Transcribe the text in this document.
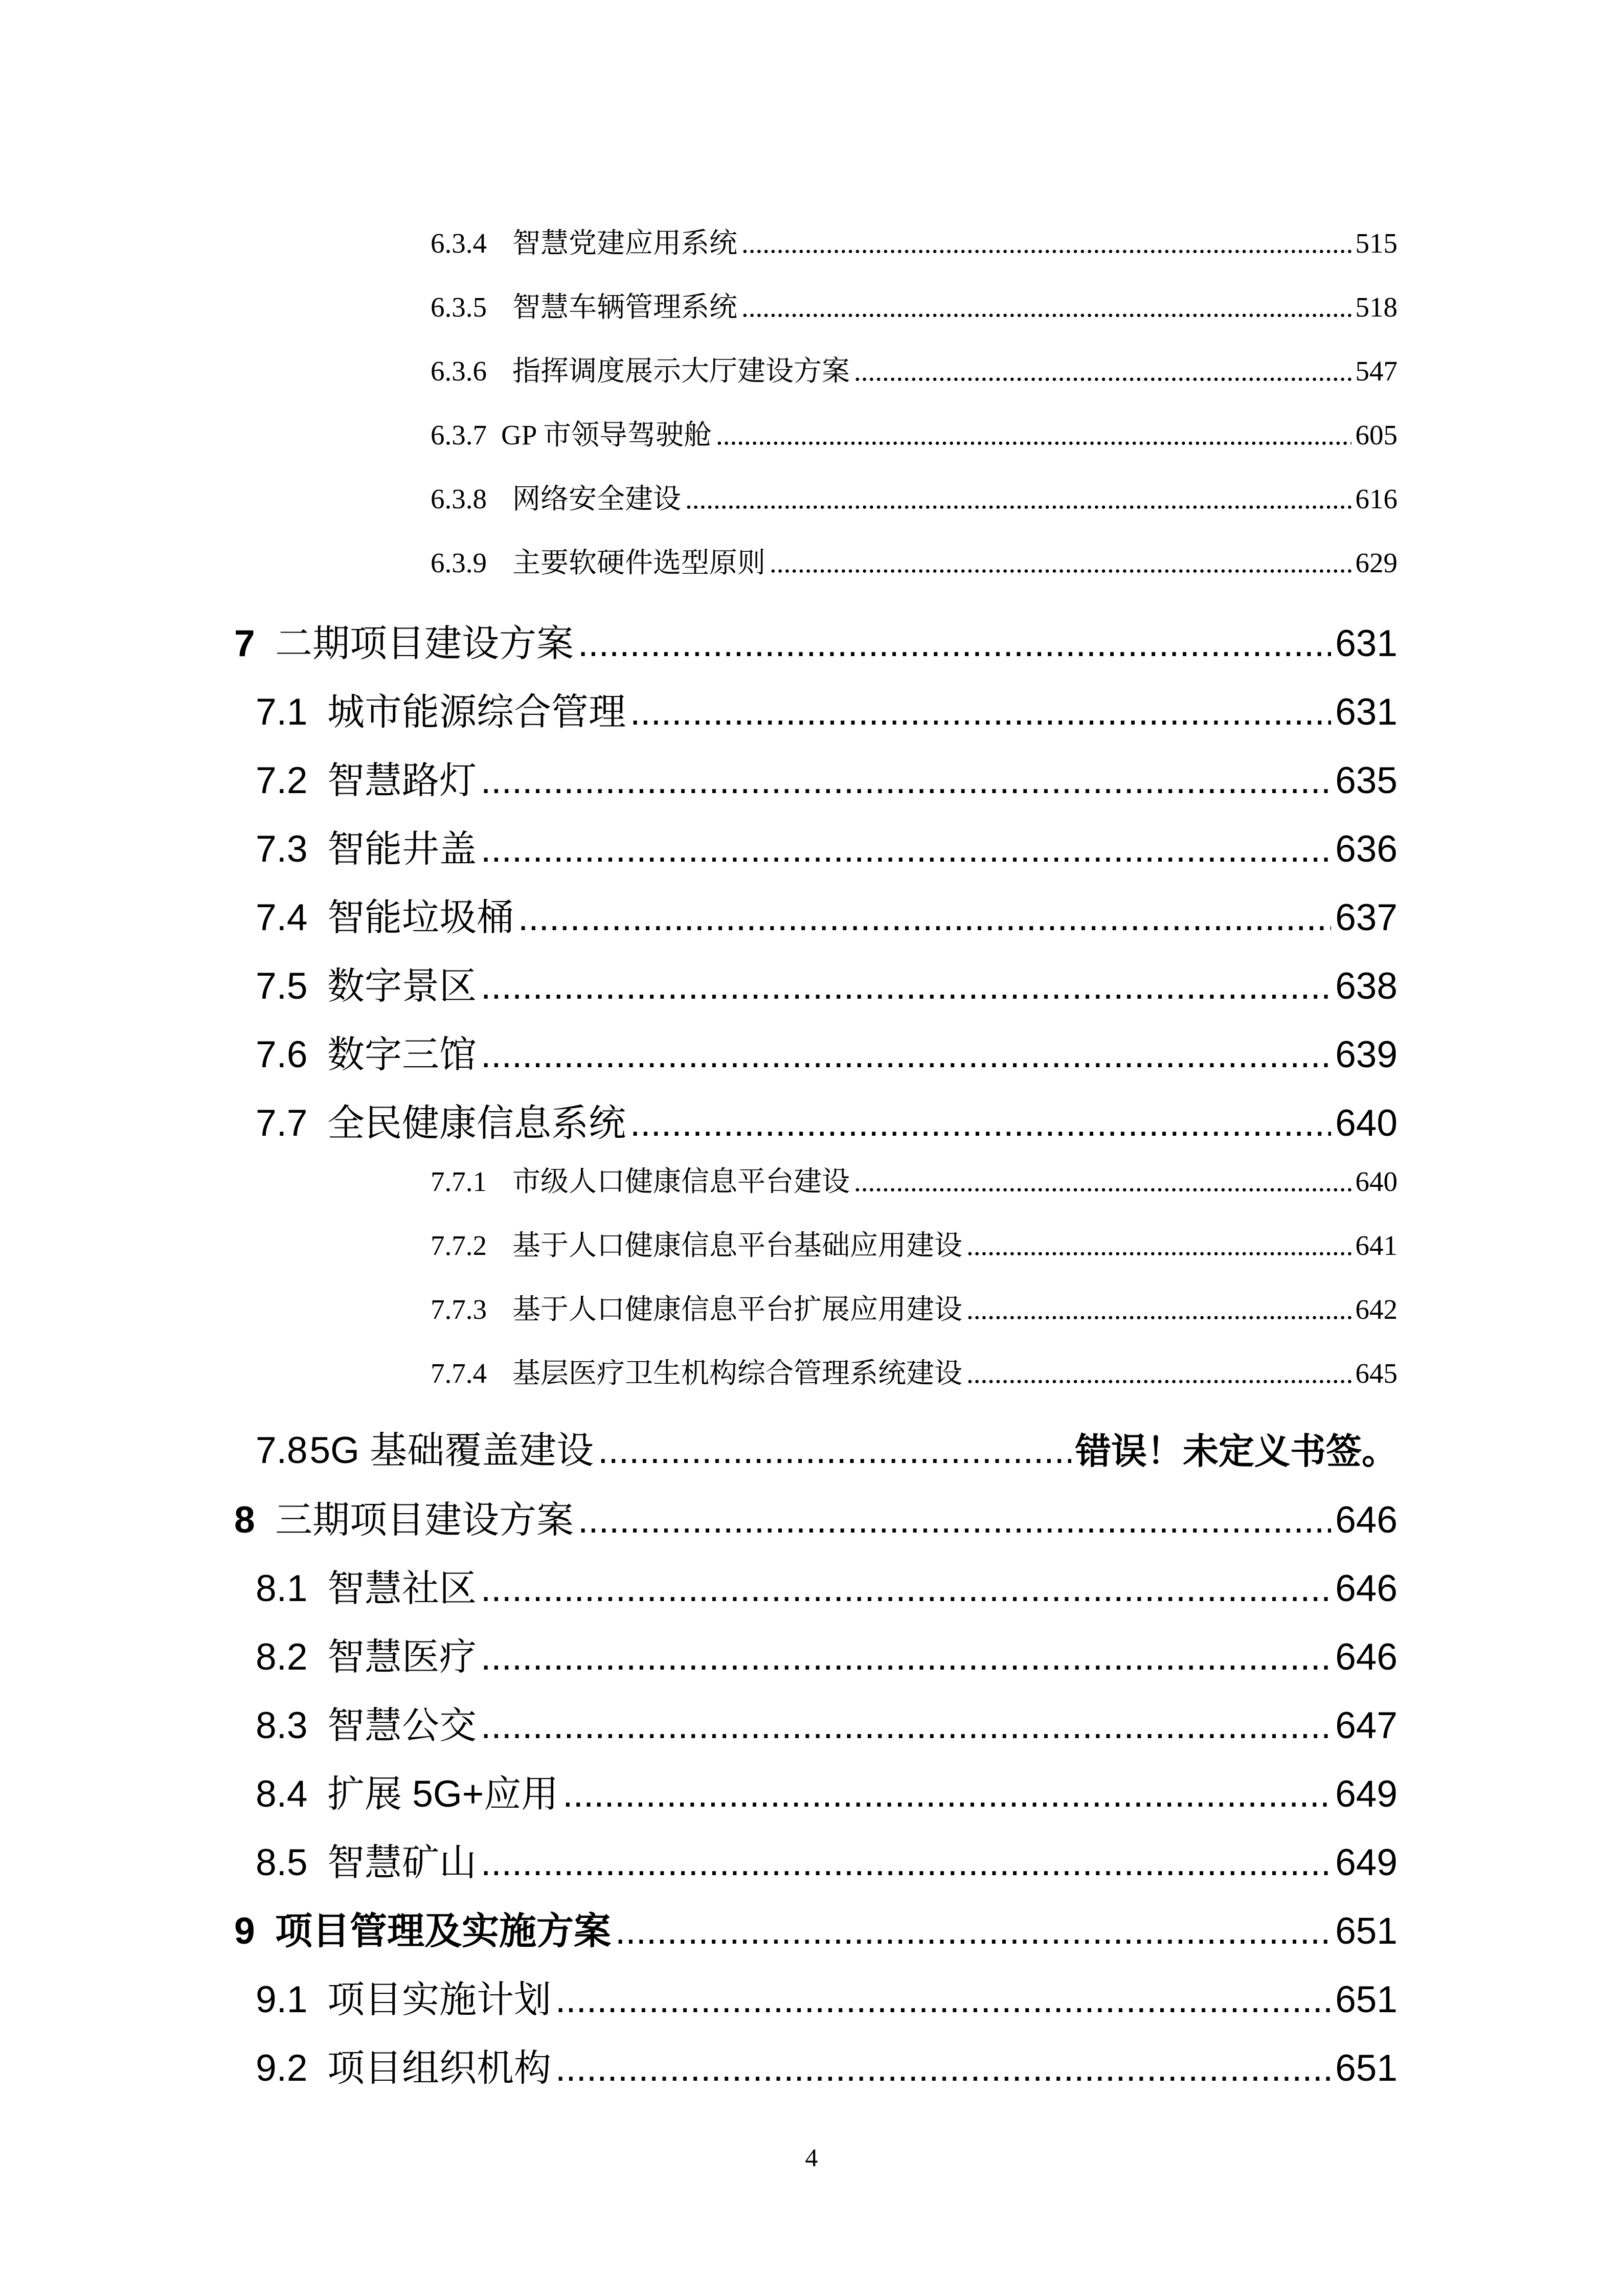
6.3.4 智慧党建应用系统 .....	515
6.3.5 智慧车辆管理系统 .....	518
6.3.6 指挥调度展示大厅建设方案 .....	547
6.3.7 GP 市领导驾驶舱 .....	605
6.3.8 网络安全建设 .....	616
6.3.9 主要软硬件选型原则 .....	629
7 二期项目建设方案 .....	631
7.1 城市能源综合管理 .....	631
7.2 智慧路灯 .....	635
7.3 智能井盖 .....	636
7.4 智能垃圾桶 .....	637
7.5 数字景区 .....	638
7.6 数字三馆 .....	639
7.7 全民健康信息系统 .....	640
7.7.1 市级人口健康信息平台建设 .....	640
7.7.2 基于人口健康信息平台基础应用建设 .....	641
7.7.3 基于人口健康信息平台扩展应用建设 .....	642
7.7.4 基层医疗卫生机构综合管理系统建设 .....	645
7.8 5G 基础覆盖建设 .....	错误！未定义书签。
8 三期项目建设方案 .....	646
8.1 智慧社区 .....	646
8.2 智慧医疗 .....	646
8.3 智慧公交 .....	647
8.4 扩展 5G+应用 .....	649
8.5 智慧矿山 .....	649
9 项目管理及实施方案 .....	651
9.1 项目实施计划 .....	651
9.2 项目组织机构 .....	651
4
